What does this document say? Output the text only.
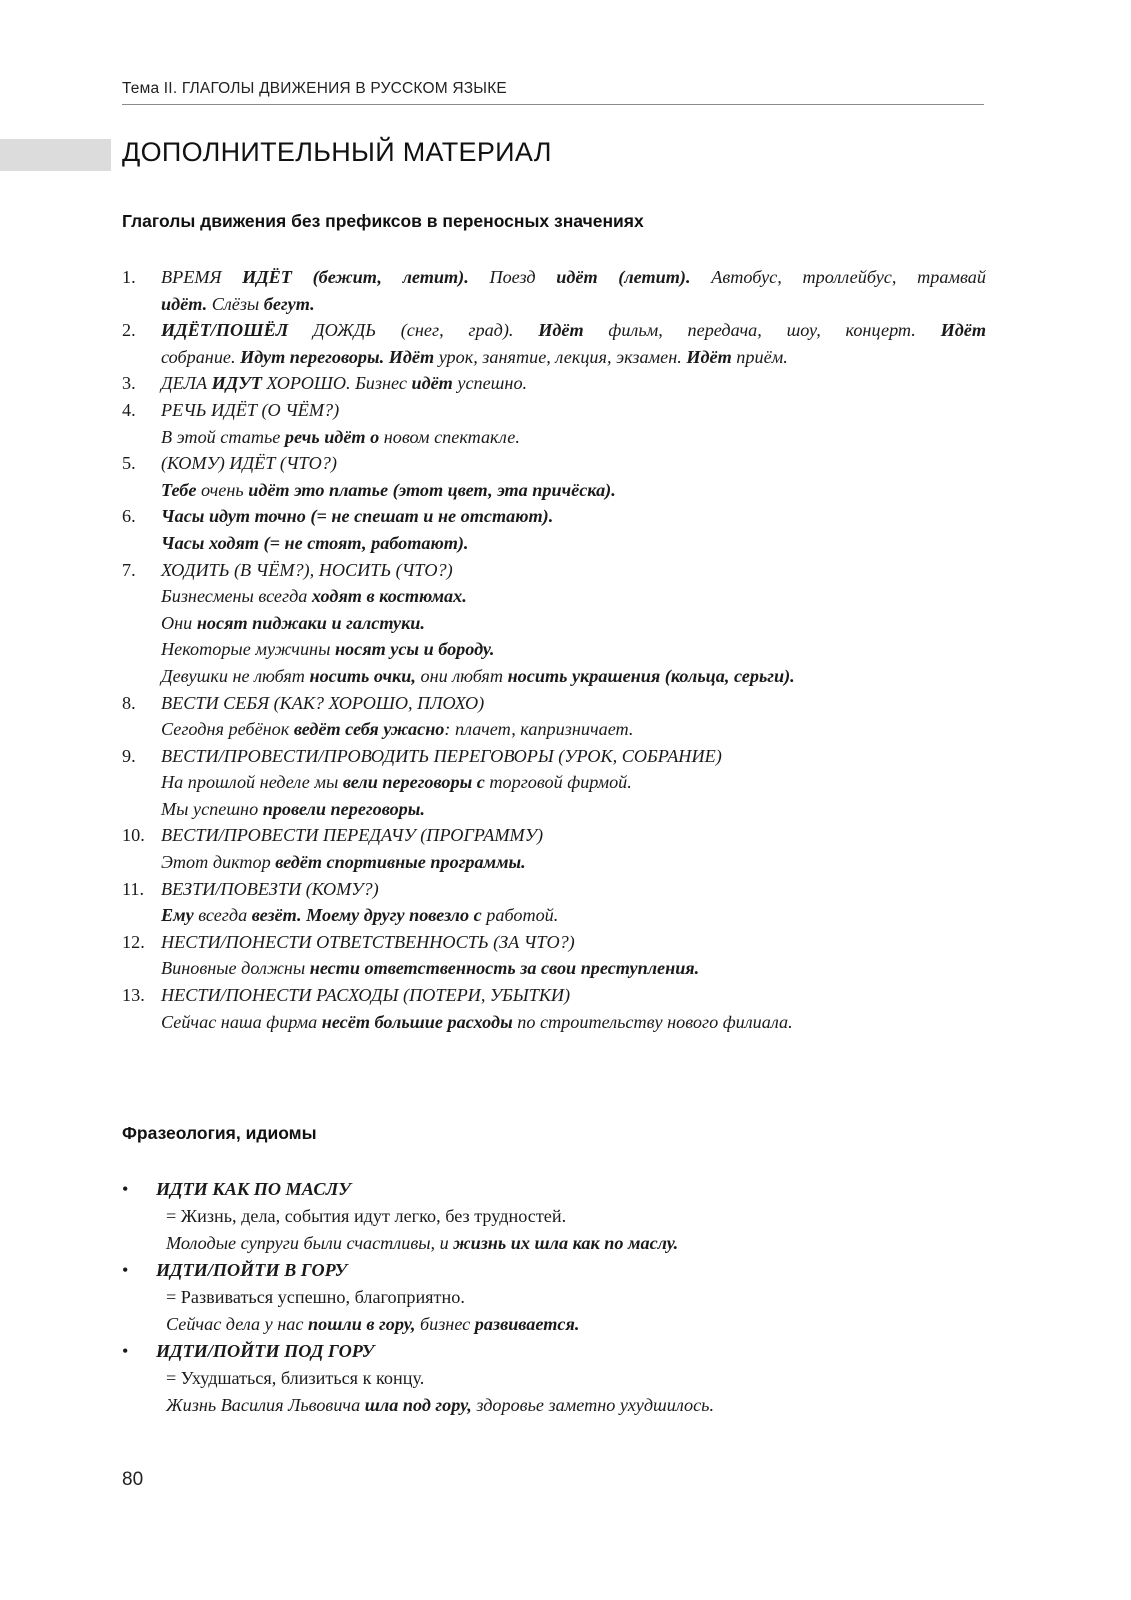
Тема II. ГЛАГОЛЫ ДВИЖЕНИЯ В РУССКОМ ЯЗЫКЕ
ДОПОЛНИТЕЛЬНЫЙ МАТЕРИАЛ
Глаголы движения без префиксов в переносных значениях
1. ВРЕМЯ ИДЁТ (бежит, летит). Поезд идёт (летит). Автобус, троллейбус, трамвай
идёт. Слёзы бегут.
2. ИДЁТ/ПОШЁЛ ДОЖДЬ (снег, град). Идёт фильм, передача, шоу, концерт. Идёт
собрание. Идут переговоры. Идёт урок, занятие, лекция, экзамен. Идёт приём.
3. ДЕЛА ИДУТ ХОРОШО. Бизнес идёт успешно.
4. РЕЧЬ ИДЁТ (О ЧЁМ?)
В этой статье речь идёт о новом спектакле.
5. (КОМУ) ИДЁТ (ЧТО?)
Тебе очень идёт это платье (этот цвет, эта причёска).
6. Часы идут точно (= не спешат и не отстают).
Часы ходят (= не стоят, работают).
7. ХОДИТЬ (В ЧЁМ?), НОСИТЬ (ЧТО?)
Бизнесмены всегда ходят в костюмах.
Они носят пиджаки и галстуки.
Некоторые мужчины носят усы и бороду.
Девушки не любят носить очки, они любят носить украшения (кольца, серьги).
8. ВЕСТИ СЕБЯ (КАК? ХОРОШО, ПЛОХО)
Сегодня ребёнок ведёт себя ужасно: плачет, капризничает.
9. ВЕСТИ/ПРОВЕСТИ/ПРОВОДИТЬ ПЕРЕГОВОРЫ (УРОК, СОБРАНИЕ)
На прошлой неделе мы вели переговоры с торговой фирмой.
Мы успешно провели переговоры.
10. ВЕСТИ/ПРОВЕСТИ ПЕРЕДАЧУ (ПРОГРАММУ)
Этот диктор ведёт спортивные программы.
11. ВЕЗТИ/ПОВЕЗТИ (КОМУ?)
Ему всегда везёт. Моему другу повезло с работой.
12. НЕСТИ/ПОНЕСТИ ОТВЕТСТВЕННОСТЬ (ЗА ЧТО?)
Виновные должны нести ответственность за свои преступления.
13. НЕСТИ/ПОНЕСТИ РАСХОДЫ (ПОТЕРИ, УБЫТКИ)
Сейчас наша фирма несёт большие расходы по строительству нового филиала.
Фразеология, идиомы
• ИДТИ КАК ПО МАСЛУ
= Жизнь, дела, события идут легко, без трудностей.
Молодые супруги были счастливы, и жизнь их шла как по маслу.
• ИДТИ/ПОЙТИ В ГОРУ
= Развиваться успешно, благоприятно.
Сейчас дела у нас пошли в гору, бизнес развивается.
• ИДТИ/ПОЙТИ ПОД ГОРУ
= Ухудшаться, близиться к концу.
Жизнь Василия Львовича шла под гору, здоровье заметно ухудшилось.
80
